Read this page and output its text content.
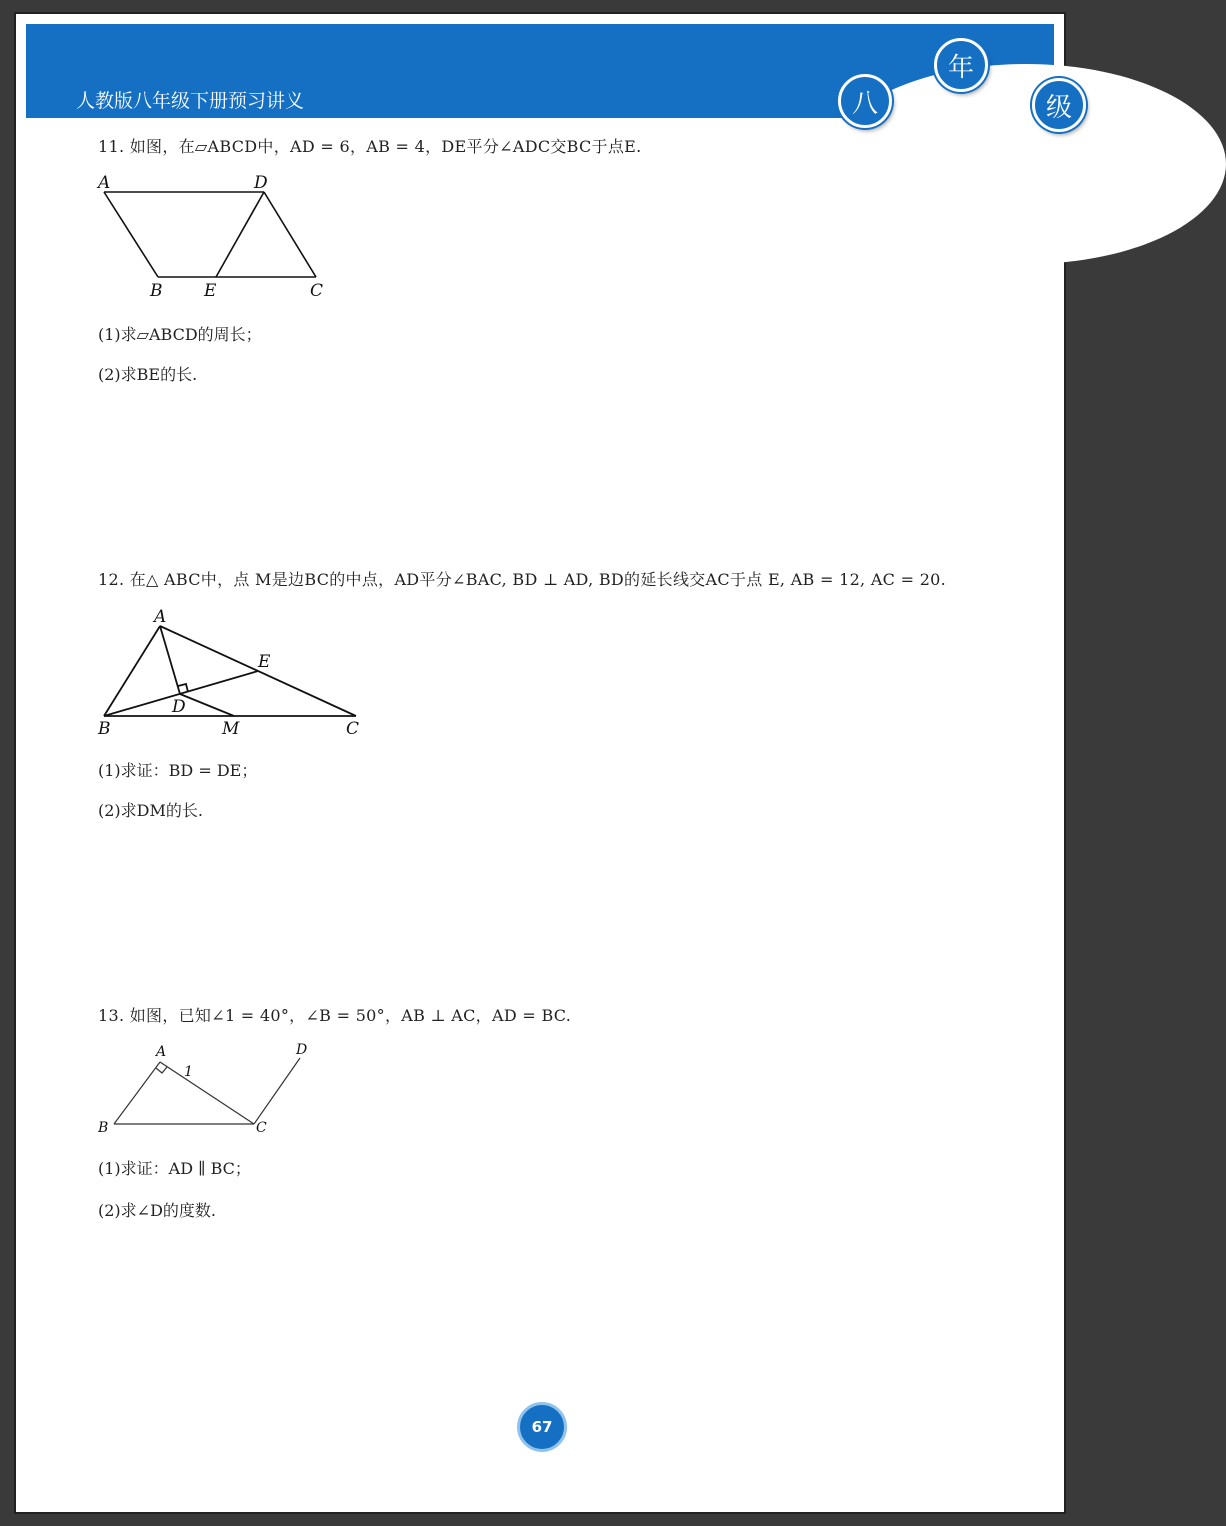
人教版八年级下册预习讲义	八
年
级
11. 如图，在▱ABCD中，AD = 6，AB = 4，DE平分∠ADC交BC于点E.
A	D
B E	C
(1)求▱ABCD的周长；
(2)求BE的长.
12. 在△ ABC中，点 M是边BC的中点，AD平分∠BAC, BD ⊥ AD, BD的延长线交AC于点 E, AB = 12, AC = 20.
A
E
D
B	M	C
(1)求证：BD = DE；
(2)求DM的长.
13. 如图，已知∠1 = 40°，∠B = 50°，AB ⊥ AC，AD = BC.
A
1
D
B	C
(1)求证：AD ∥ BC；
(2)求∠D的度数.
67
